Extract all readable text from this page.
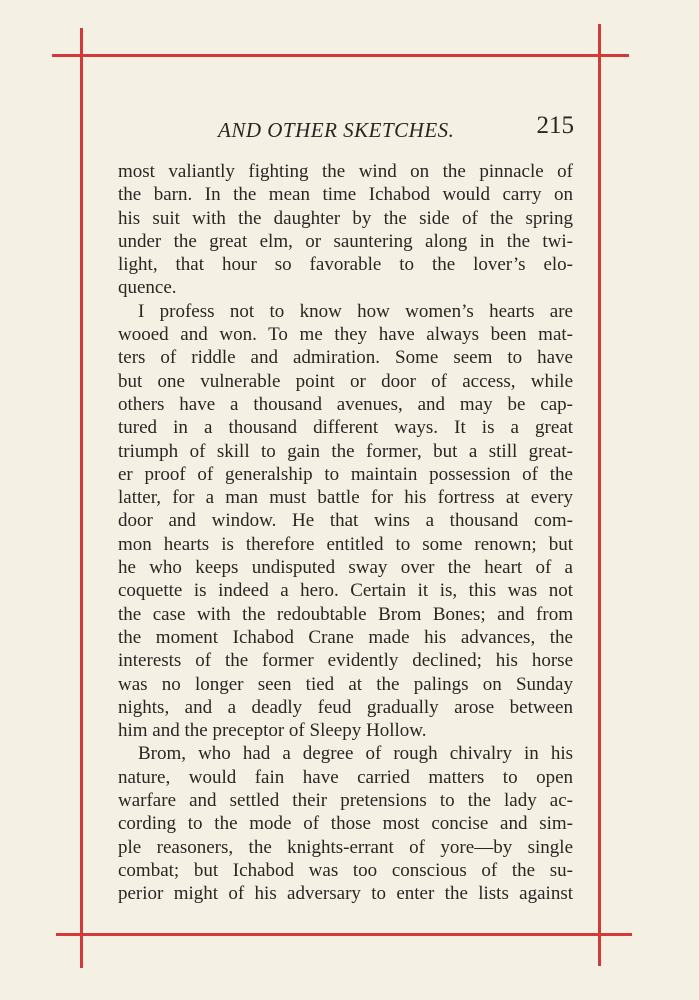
AND OTHER SKETCHES.	215
most valiantly fighting the wind on the pinnacle of
the barn. In the mean time Ichabod would carry on
his suit with the daughter by the side of the spring
under the great elm, or sauntering along in the twi-
light, that hour so favorable to the lover’s elo-
quence.
I profess not to know how women’s hearts are
wooed and won. To me they have always been mat-
ters of riddle and admiration. Some seem to have
but one vulnerable point or door of access, while
others have a thousand avenues, and may be cap-
tured in a thousand different ways. It is a great
triumph of skill to gain the former, but a still great-
er proof of generalship to maintain possession of the
latter, for a man must battle for his fortress at every
door and window. He that wins a thousand com-
mon hearts is therefore entitled to some renown; but
he who keeps undisputed sway over the heart of a
coquette is indeed a hero. Certain it is, this was not
the case with the redoubtable Brom Bones; and from
the moment Ichabod Crane made his advances, the
interests of the former evidently declined; his horse
was no longer seen tied at the palings on Sunday
nights, and a deadly feud gradually arose between
him and the preceptor of Sleepy Hollow.
Brom, who had a degree of rough chivalry in his
nature, would fain have carried matters to open
warfare and settled their pretensions to the lady ac-
cording to the mode of those most concise and sim-
ple reasoners, the knights-errant of yore—by single
combat; but Ichabod was too conscious of the su-
perior might of his adversary to enter the lists against
